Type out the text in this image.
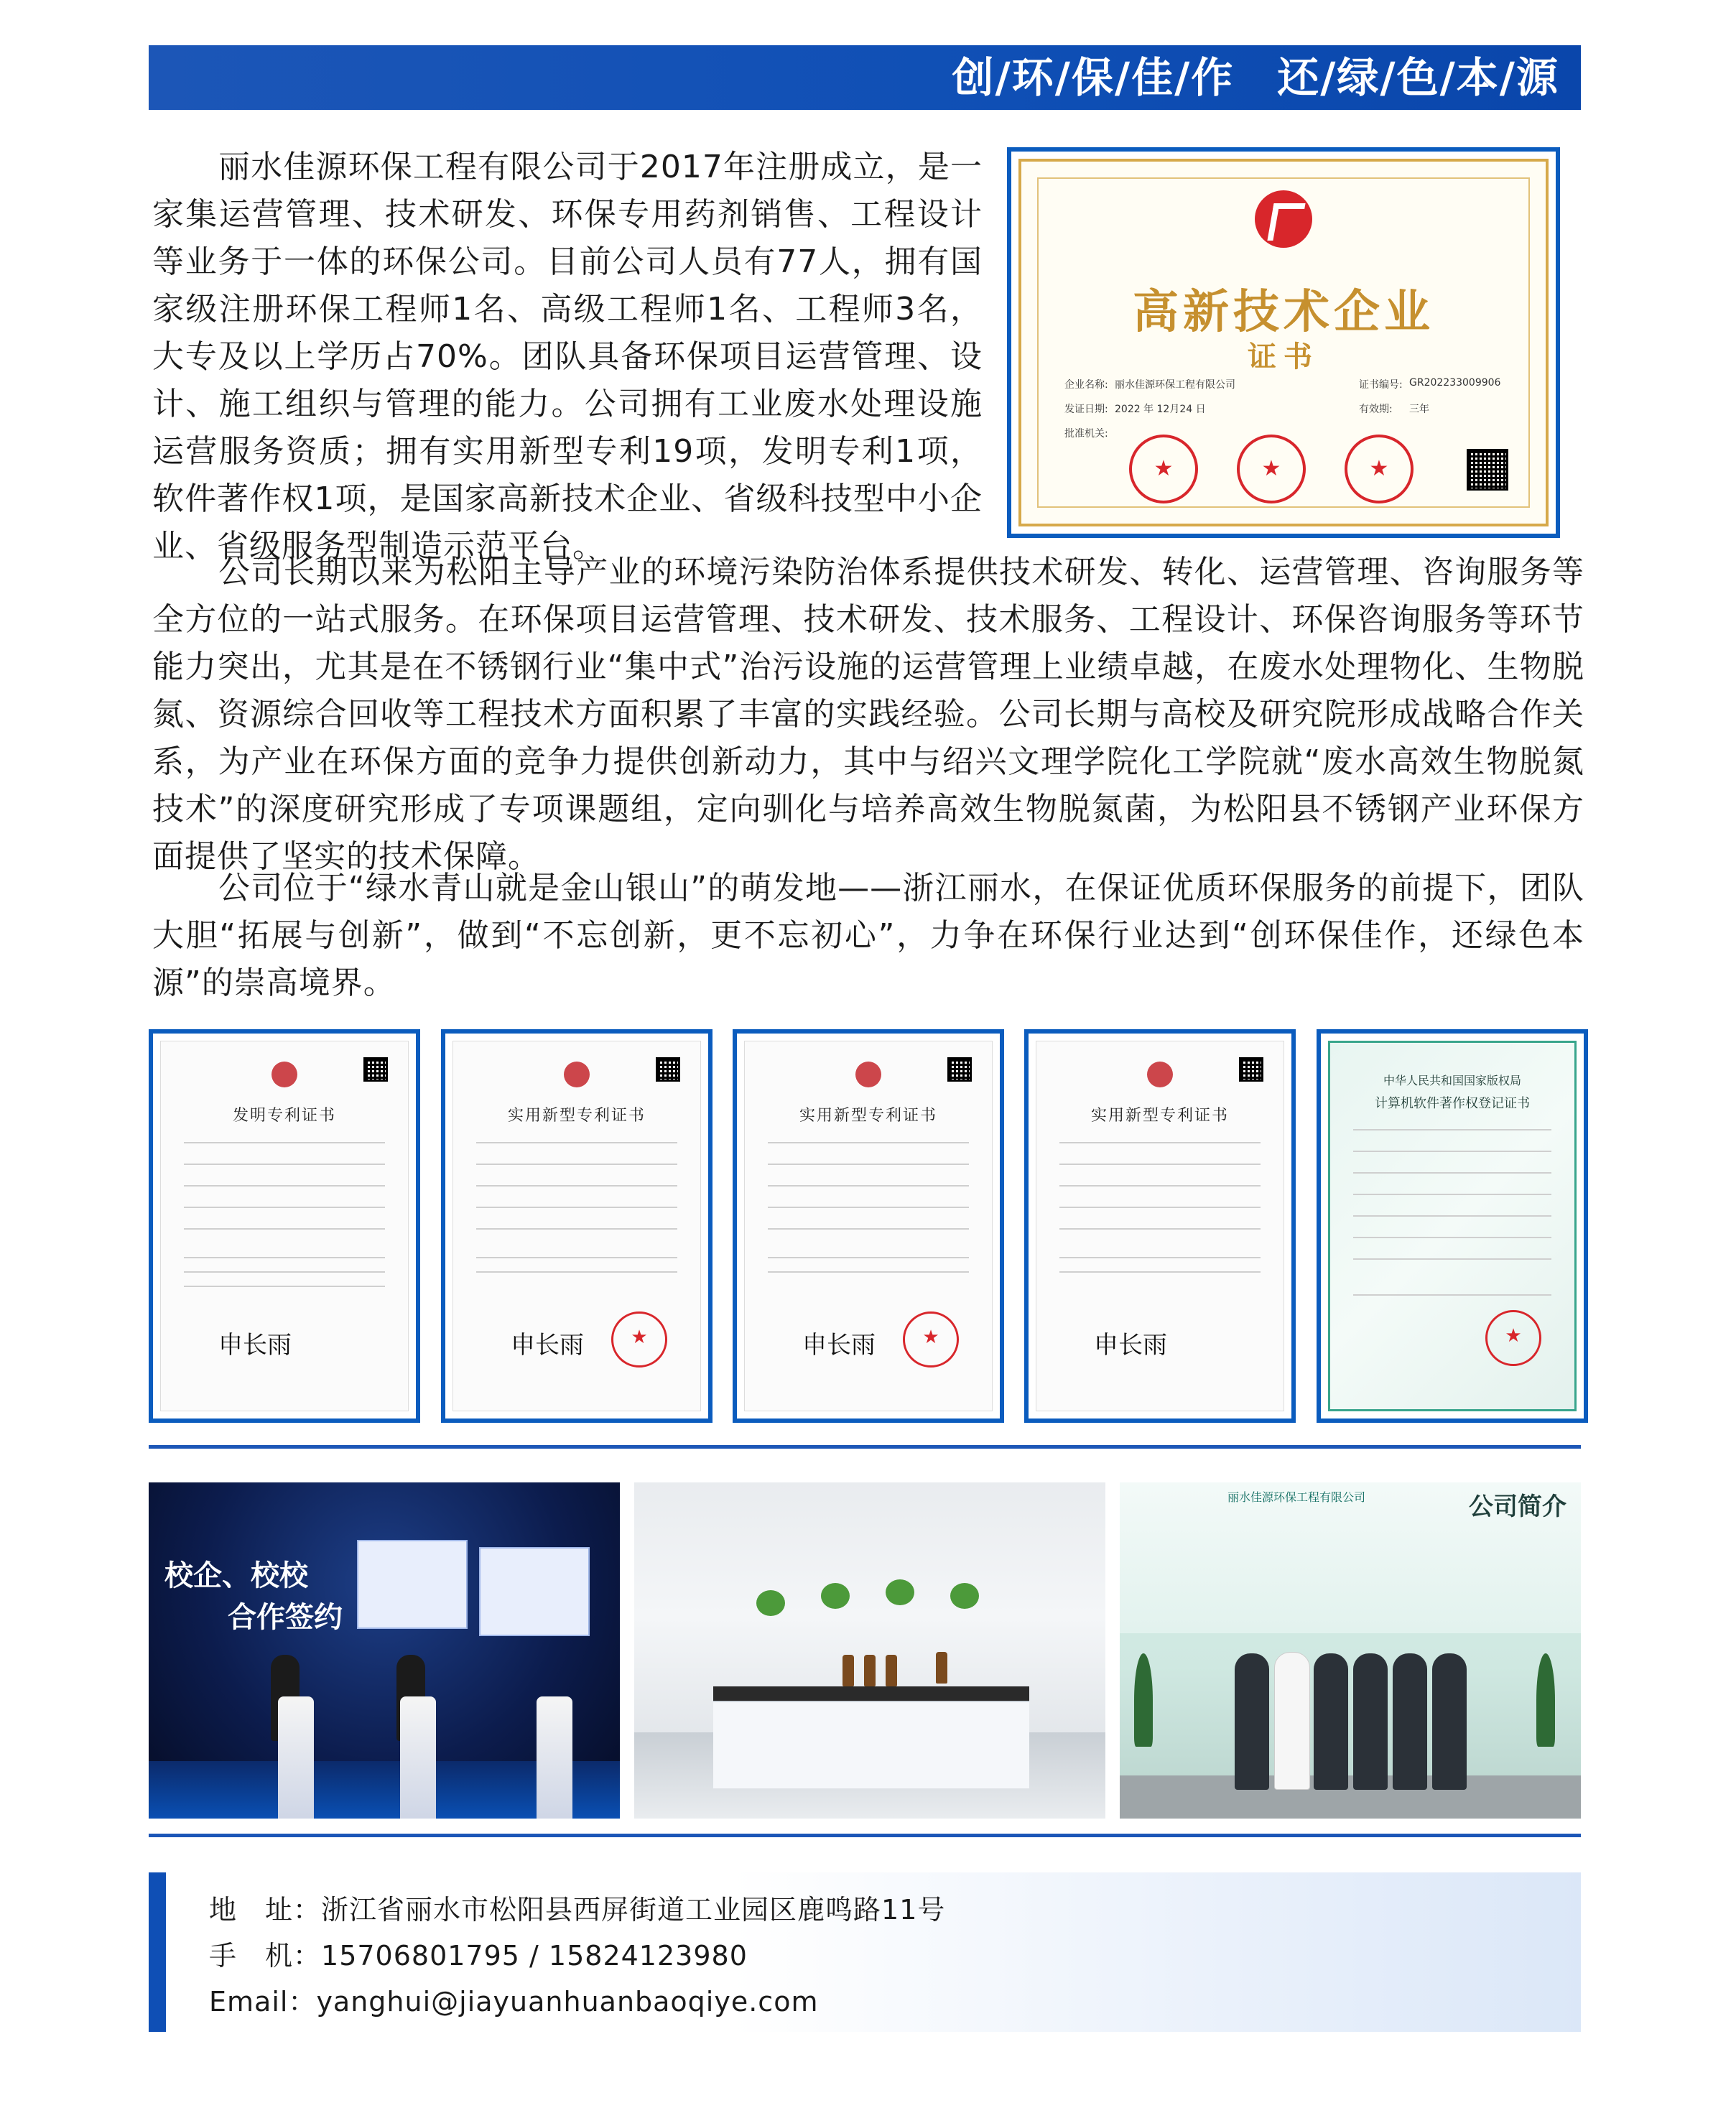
创/环/保/佳/作　还/绿/色/本/源

丽水佳源环保工程有限公司于2017年注册成立，是一家集运营管理、技术研发、环保专用药剂销售、工程设计等业务于一体的环保公司。目前公司人员有77人，拥有国家级注册环保工程师1名、高级工程师1名、工程师3名，大专及以上学历占70%。团队具备环保项目运营管理、设计、施工组织与管理的能力。公司拥有工业废水处理设施运营服务资质；拥有实用新型专利19项，发明专利1项，软件著作权1项，是国家高新技术企业、省级科技型中小企业、省级服务型制造示范平台。

高新技术企业
证书
企业名称: 丽水佳源环保工程有限公司	证书编号: GR202233009906
发证日期: 2022 年 12月24 日	有效期: 三年
批准机关:
★
★
★

公司长期以来为松阳主导产业的环境污染防治体系提供技术研发、转化、运营管理、咨询服务等全方位的一站式服务。在环保项目运营管理、技术研发、技术服务、工程设计、环保咨询服务等环节能力突出，尤其是在不锈钢行业“集中式”治污设施的运营管理上业绩卓越，在废水处理物化、生物脱氮、资源综合回收等工程技术方面积累了丰富的实践经验。公司长期与高校及研究院形成战略合作关系，为产业在环保方面的竞争力提供创新动力，其中与绍兴文理学院化工学院就“废水高效生物脱氮技术”的深度研究形成了专项课题组，定向驯化与培养高效生物脱氮菌，为松阳县不锈钢产业环保方面提供了坚实的技术保障。

公司位于“绿水青山就是金山银山”的萌发地——浙江丽水，在保证优质环保服务的前提下，团队大胆“拓展与创新”，做到“不忘创新，更不忘初心”，力争在环保行业达到“创环保佳作，还绿色本源”的崇高境界。

发明专利证书
申长雨
实用新型专利证书
★
申长雨
实用新型专利证书
★
申长雨
实用新型专利证书
申长雨
中华人民共和国国家版权局
计算机软件著作权登记证书
★
校企、校校
合作签约
丽水佳源环保工程有限公司	公司简介
地　址：浙江省丽水市松阳县西屏街道工业园区鹿鸣路11号
手　机：15706801795 / 15824123980
Email：yanghui@jiayuanhuanbaoqiye.com
